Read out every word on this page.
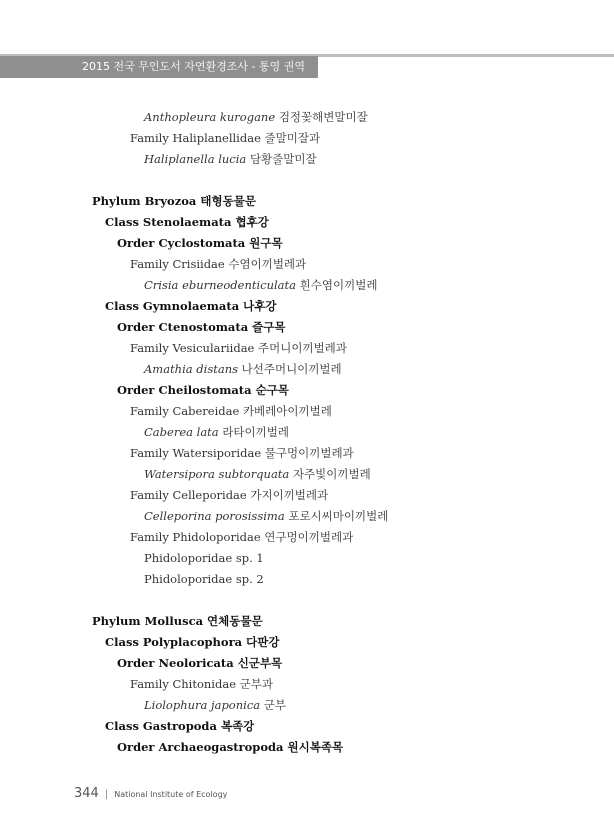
2015 전국 무인도서 자연환경조사 - 통영 권역
Anthopleura kurogane 검정꽃해변말미잘
Family Haliplanellidae 줄말미잘과
Haliplanella lucia 담황줄말미잘
Phylum Bryozoa 태형동물문
Class Stenolaemata 협후강
Order Cyclostomata 원구목
Family Crisiidae 수염이끼벌레과
Crisia eburneodenticulata 흰수염이끼벌레
Class Gymnolaemata 나후강
Order Ctenostomata 즐구목
Family Vesiculariidae 주머니이끼벌레과
Amathia distans 나선주머니이끼벌레
Order Cheilostomata 순구목
Family Cabereidae 카베레아이끼벌레
Caberea lata 라타이끼벌레
Family Watersiporidae 물구멍이끼벌레과
Watersipora subtorquata 자주빛이끼벌레
Family Celleporidae 가지이끼벌레과
Celleporina porosissima 포로시씨마이끼벌레
Family Phidoloporidae 연구멍이끼벌레과
Phidoloporidae sp. 1
Phidoloporidae sp. 2
Phylum Mollusca 연체동물문
Class Polyplacophora 다판강
Order Neoloricata 신군부목
Family Chitonidae 군부과
Liolophura japonica 군부
Class Gastropoda 복족강
Order Archaeogastropoda 원시복족목
344 | National Institute of Ecology
